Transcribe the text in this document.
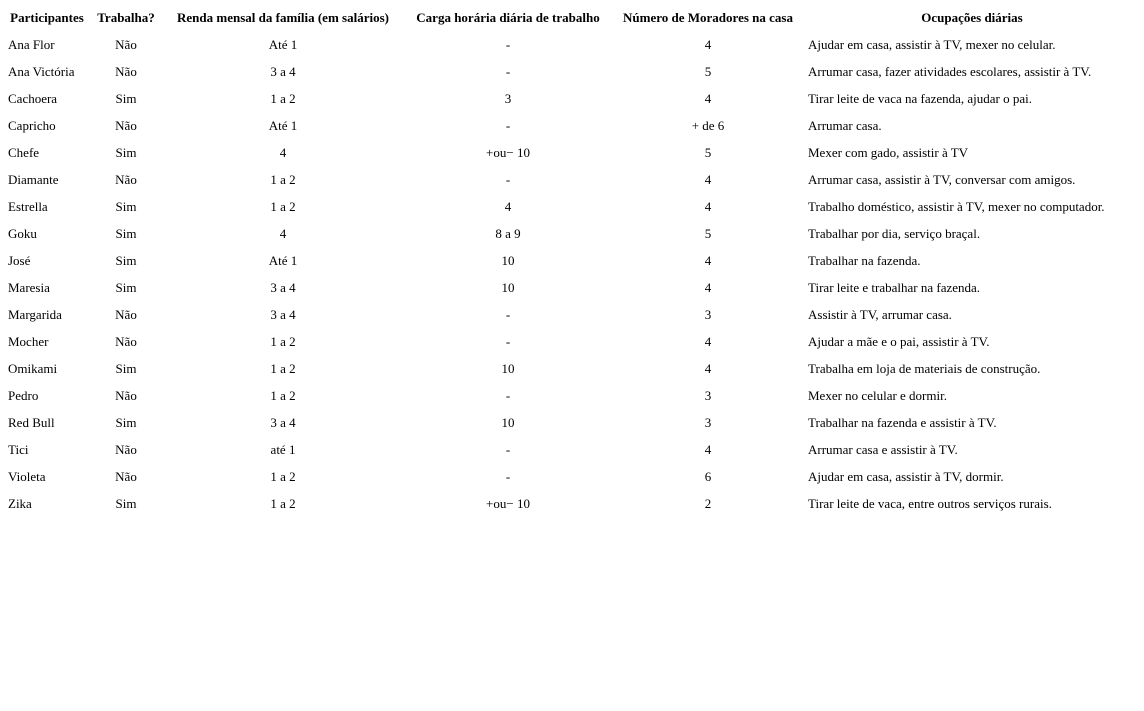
Participantes	Trabalha?	Renda mensal da família (em salários)	Carga horária diária de trabalho	Número de Moradores na casa	Ocupações diárias
Ana Flor	Não	Até 1	-	4	Ajudar em casa, assistir à TV, mexer no celular.
Ana Victória	Não	3 a 4	-	5	Arrumar casa, fazer atividades escolares, assistir à TV.
Cachoera	Sim	1 a 2	3	4	Tirar leite de vaca na fazenda, ajudar o pai.
Capricho	Não	Até 1	-	+ de 6	Arrumar casa.
Chefe	Sim	4	+ou− 10	5	Mexer com gado, assistir à TV
Diamante	Não	1 a 2	-	4	Arrumar casa, assistir à TV, conversar com amigos.
Estrella	Sim	1 a 2	4	4	Trabalho doméstico, assistir à TV, mexer no computador.
Goku	Sim	4	8 a 9	5	Trabalhar por dia, serviço braçal.
José	Sim	Até 1	10	4	Trabalhar na fazenda.
Maresia	Sim	3 a 4	10	4	Tirar leite e trabalhar na fazenda.
Margarida	Não	3 a 4	-	3	Assistir à TV, arrumar casa.
Mocher	Não	1 a 2	-	4	Ajudar a mãe e o pai, assistir à TV.
Omikami	Sim	1 a 2	10	4	Trabalha em loja de materiais de construção.
Pedro	Não	1 a 2	-	3	Mexer no celular e dormir.
Red Bull	Sim	3 a 4	10	3	Trabalhar na fazenda e assistir à TV.
Tici	Não	até 1	-	4	Arrumar casa e assistir à TV.
Violeta	Não	1 a 2	-	6	Ajudar em casa, assistir à TV, dormir.
Zika	Sim	1 a 2	+ou− 10	2	Tirar leite de vaca, entre outros serviços rurais.
